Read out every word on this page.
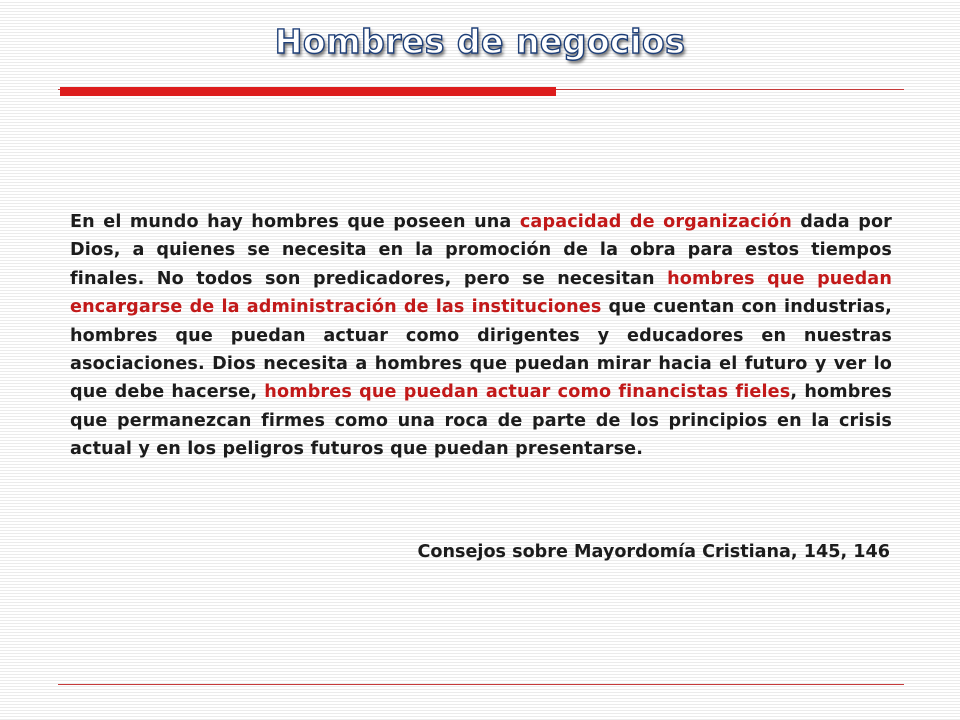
Hombres de negocios

En el mundo hay hombres que poseen una capacidad de organización dada por Dios, a quienes se necesita en la promoción de la obra para estos tiempos finales. No todos son predicadores, pero se necesitan hombres que puedan encargarse de la administración de las instituciones que cuentan con industrias, hombres que puedan actuar como dirigentes y educadores en nuestras asociaciones. Dios necesita a hombres que puedan mirar hacia el futuro y ver lo que debe hacerse, hombres que puedan actuar como financistas fieles, hombres que permanezcan firmes como una roca de parte de los principios en la crisis actual y en los peligros futuros que puedan presentarse.

Consejos sobre Mayordomía Cristiana, 145, 146
